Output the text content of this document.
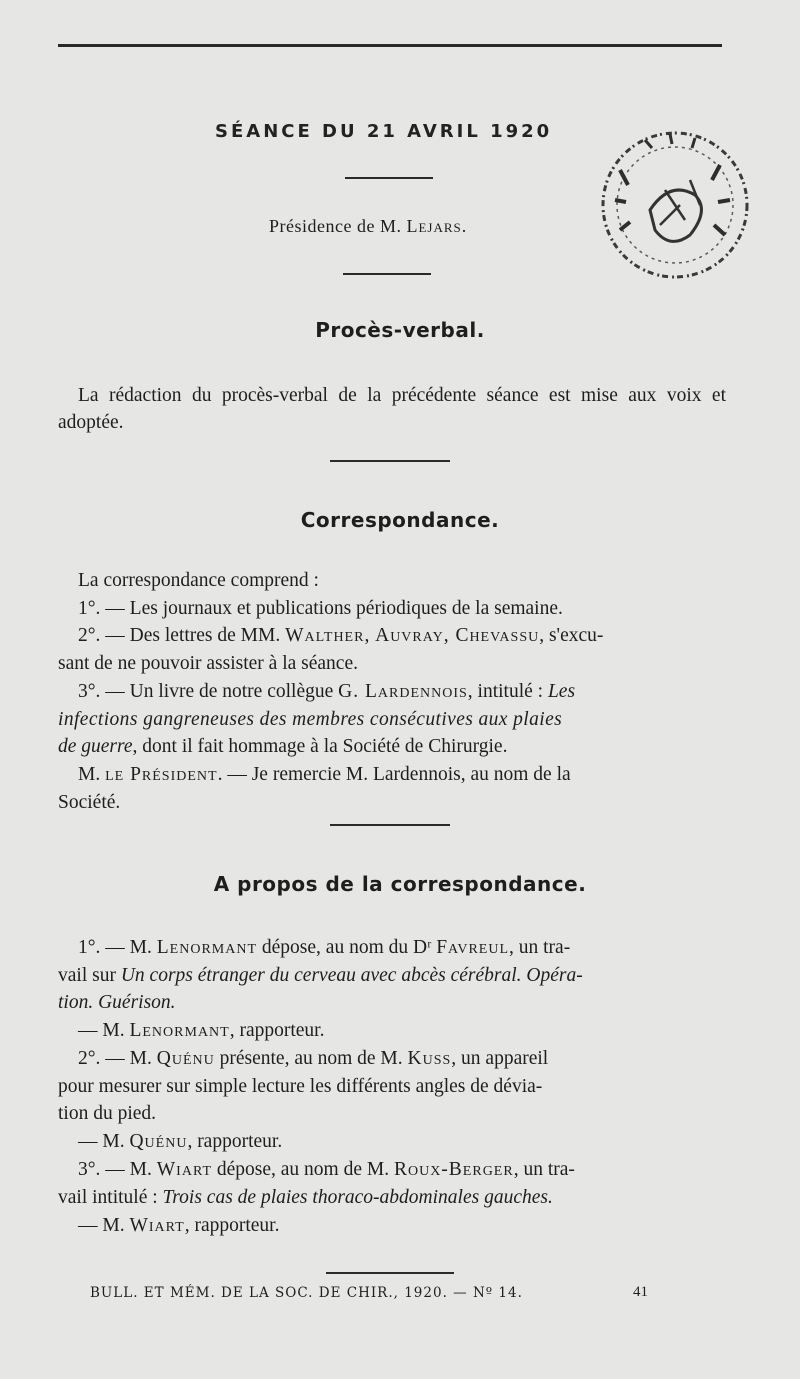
SÉANCE DU 21 AVRIL 1920
Présidence de M. Lejars.
Procès-verbal.
La rédaction du procès-verbal de la précédente séance est mise aux voix et adoptée.
Correspondance.
La correspondance comprend :
1°. — Les journaux et publications périodiques de la semaine.
2°. — Des lettres de MM. Walther, Auvray, Chevassu, s'excu-
sant de ne pouvoir assister à la séance.
3°. — Un livre de notre collègue G. Lardennois, intitulé : Les
infections gangreneuses des membres consécutives aux plaies
de guerre, dont il fait hommage à la Société de Chirurgie.
M. le Président. — Je remercie M. Lardennois, au nom de la
Société.
A propos de la correspondance.
1°. — M. Lenormant dépose, au nom du Dʳ Favreul, un tra-
vail sur Un corps étranger du cerveau avec abcès cérébral. Opéra-
tion. Guérison.
— M. Lenormant, rapporteur.
2°. — M. Quénu présente, au nom de M. Kuss, un appareil
pour mesurer sur simple lecture les différents angles de dévia-
tion du pied.
— M. Quénu, rapporteur.
3°. — M. Wiart dépose, au nom de M. Roux-Berger, un tra-
vail intitulé : Trois cas de plaies thoraco-abdominales gauches.
— M. Wiart, rapporteur.
BULL. ET MÉM. DE LA SOC. DE CHIR., 1920. — Nº 14.	41
